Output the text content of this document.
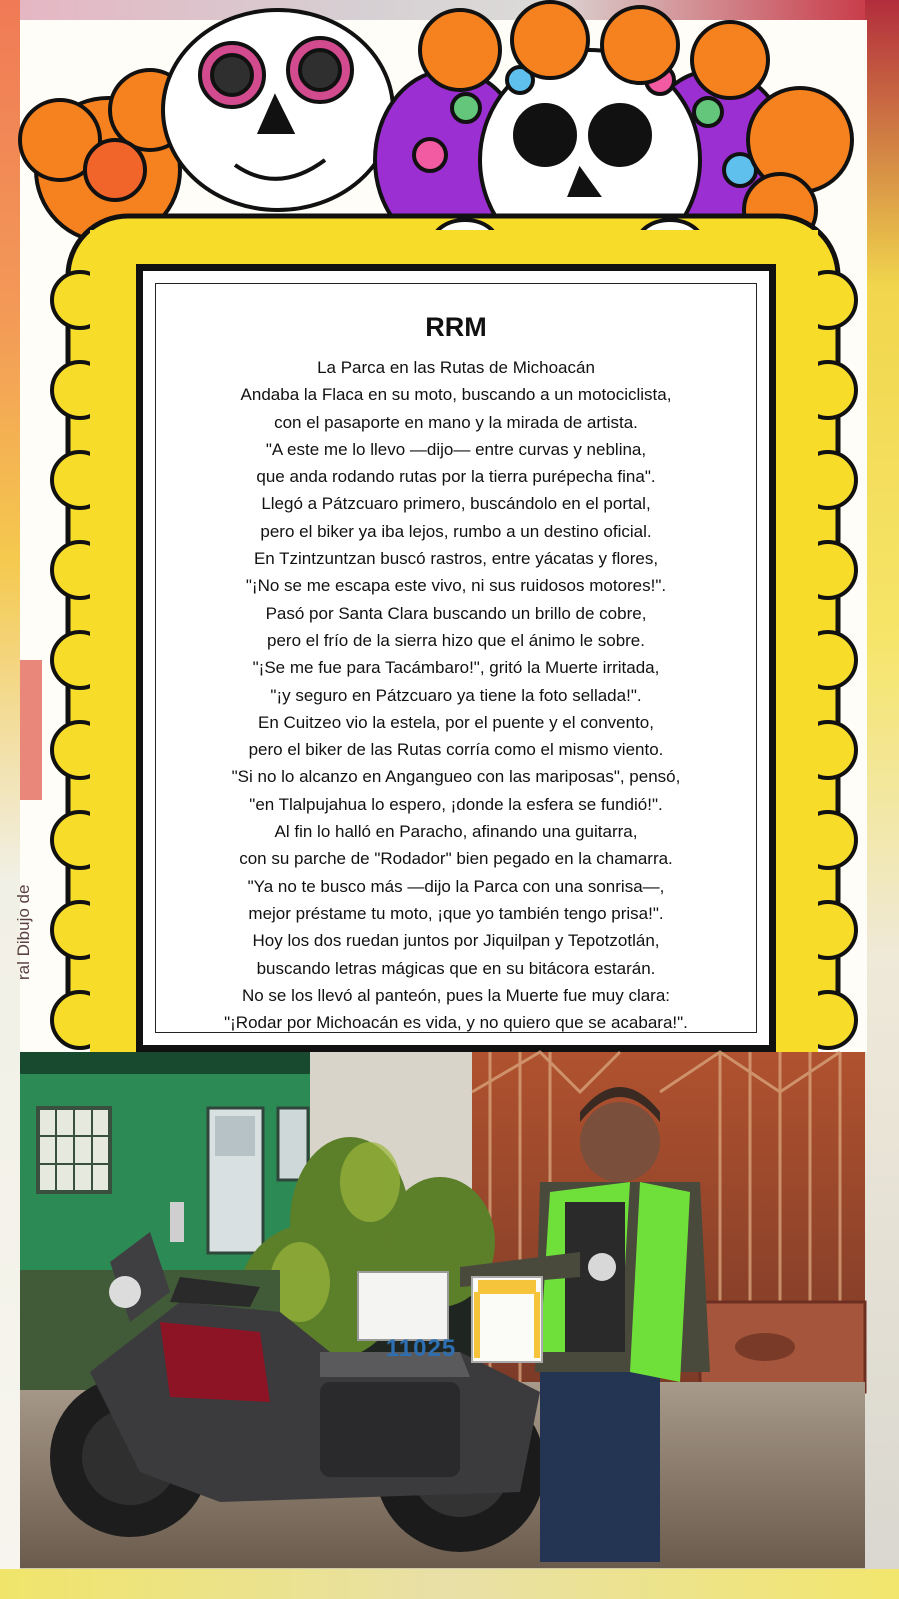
RRM
La Parca en las Rutas de Michoacán
Andaba la Flaca en su moto, buscando a un motociclista,
con el pasaporte en mano y la mirada de artista.
"A este me lo llevo —dijo— entre curvas y neblina,
que anda rodando rutas por la tierra purépecha fina".
Llegó a Pátzcuaro primero, buscándolo en el portal,
pero el biker ya iba lejos, rumbo a un destino oficial.
En Tzintzuntzan buscó rastros, entre yácatas y flores,
"¡No se me escapa este vivo, ni sus ruidosos motores!".
Pasó por Santa Clara buscando un brillo de cobre,
pero el frío de la sierra hizo que el ánimo le sobre.
"¡Se me fue para Tacámbaro!", gritó la Muerte irritada,
"¡y seguro en Pátzcuaro ya tiene la foto sellada!".
En Cuitzeo vio la estela, por el puente y el convento,
pero el biker de las Rutas corría como el mismo viento.
"Si no lo alcanzo en Angangueo con las mariposas", pensó,
"en Tlalpujahua lo espero, ¡donde la esfera se fundió!".
Al fin lo halló en Paracho, afinando una guitarra,
con su parche de "Rodador" bien pegado en la chamarra.
"Ya no te busco más —dijo la Parca con una sonrisa—,
mejor préstame tu moto, ¡que yo también tengo prisa!".
Hoy los dos ruedan juntos por Jiquilpan y Tepotzotlán,
buscando letras mágicas que en su bitácora estarán.
No se los llevó al panteón, pues la Muerte fue muy clara:
"¡Rodar por Michoacán es vida, y no quiero que se acabara!".
ral Dibujo de
11025
